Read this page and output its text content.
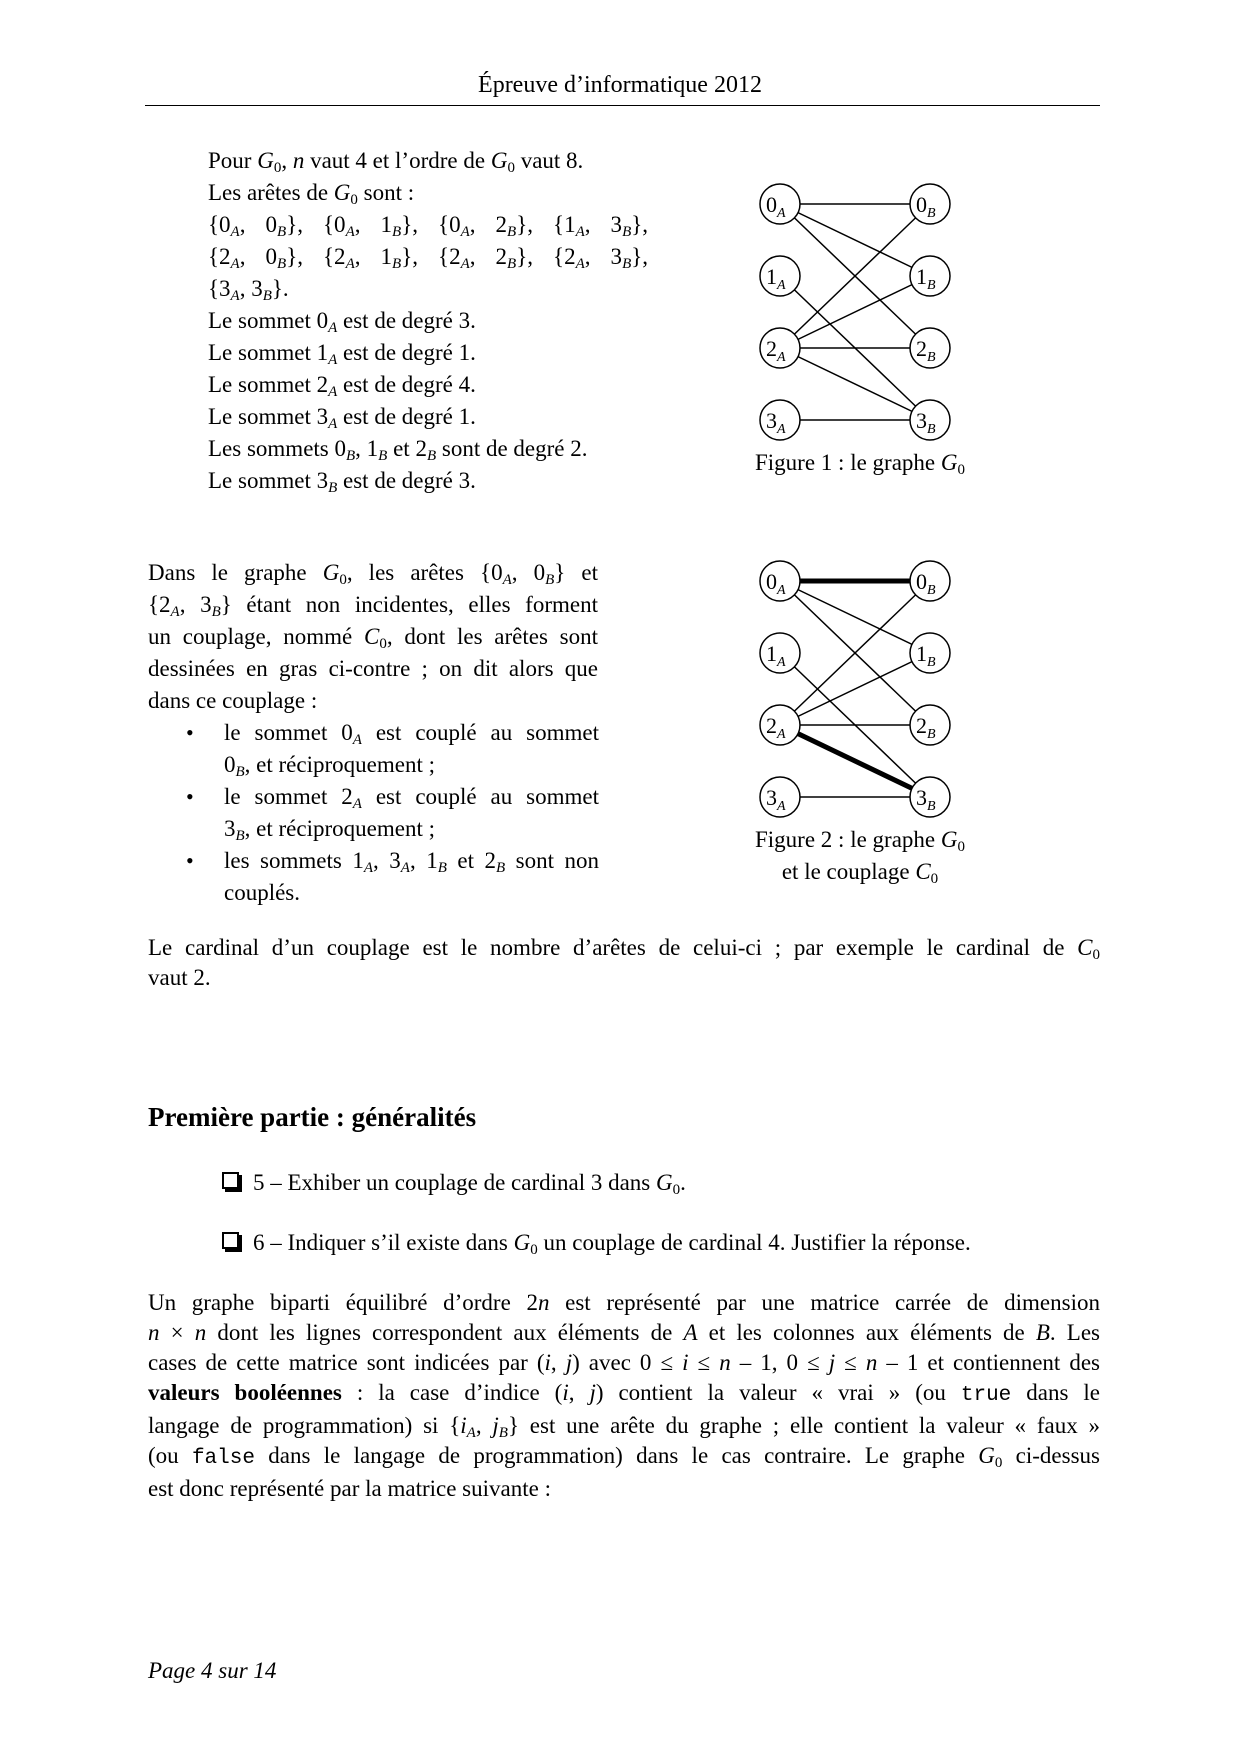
Épreuve d’informatique 2012
Pour $G_0$, n vaut 4 et l’ordre de $G_0$ vaut 8.
Les arêtes de $G_0$ sont :
{$0_A$, $0_B$}, {$0_A$, $1_B$}, {$0_A$, $2_B$}, {$1_A$, $3_B$},
{$2_A$, $0_B$}, {$2_A$, $1_B$}, {$2_A$, $2_B$}, {$2_A$, $3_B$},
{$3_A$, $3_B$}.
Le sommet $0_A$ est de degré 3.
Le sommet $1_A$ est de degré 1.
Le sommet $2_A$ est de degré 4.
Le sommet $3_A$ est de degré 1.
Les sommets $0_B$, $1_B$ et $2_B$ sont de degré 2.
Le sommet $3_B$ est de degré 3.
$0_A$
$1_A$
$2_A$
$3_A$
$0_B$
$1_B$
$2_B$
$3_B$
Figure 1 : le graphe $G_0$
Dans le graphe $G_0$, les arêtes {$0_A$, $0_B$} et
{$2_A$, $3_B$} étant non incidentes, elles forment
un couplage, nommé $C_0$, dont les arêtes sont
dessinées en gras ci-contre ; on dit alors que
dans ce couplage :
• le sommet $0_A$ est couplé au sommet
$0_B$, et réciproquement ;
• le sommet $2_A$ est couplé au sommet
$3_B$, et réciproquement ;
• les sommets $1_A$, $3_A$, $1_B$ et $2_B$ sont non
couplés.
$0_A$
$1_A$
$2_A$
$3_A$
$0_B$
$1_B$
$2_B$
$3_B$
Figure 2 : le graphe $G_0$
et le couplage $C_0$
Le cardinal d’un couplage est le nombre d’arêtes de celui-ci ; par exemple le cardinal de $C_0$
vaut 2.
Première partie : généralités
5 – Exhiber un couplage de cardinal 3 dans $G_0$.
6 – Indiquer s’il existe dans $G_0$ un couplage de cardinal 4. Justifier la réponse.
Un graphe biparti équilibré d’ordre 2n est représenté par une matrice carrée de dimension
n × n dont les lignes correspondent aux éléments de A et les colonnes aux éléments de B. Les
cases de cette matrice sont indicées par (i, j) avec 0 ≤ i ≤ n – 1, 0 ≤ j ≤ n – 1 et contiennent des
valeurs booléennes : la case d’indice (i, j) contient la valeur « vrai » (ou true dans le
langage de programmation) si {$i_A$, $j_B$} est une arête du graphe ; elle contient la valeur « faux »
(ou false dans le langage de programmation) dans le cas contraire. Le graphe $G_0$ ci-dessus
est donc représenté par la matrice suivante :
Page 4 sur 14
